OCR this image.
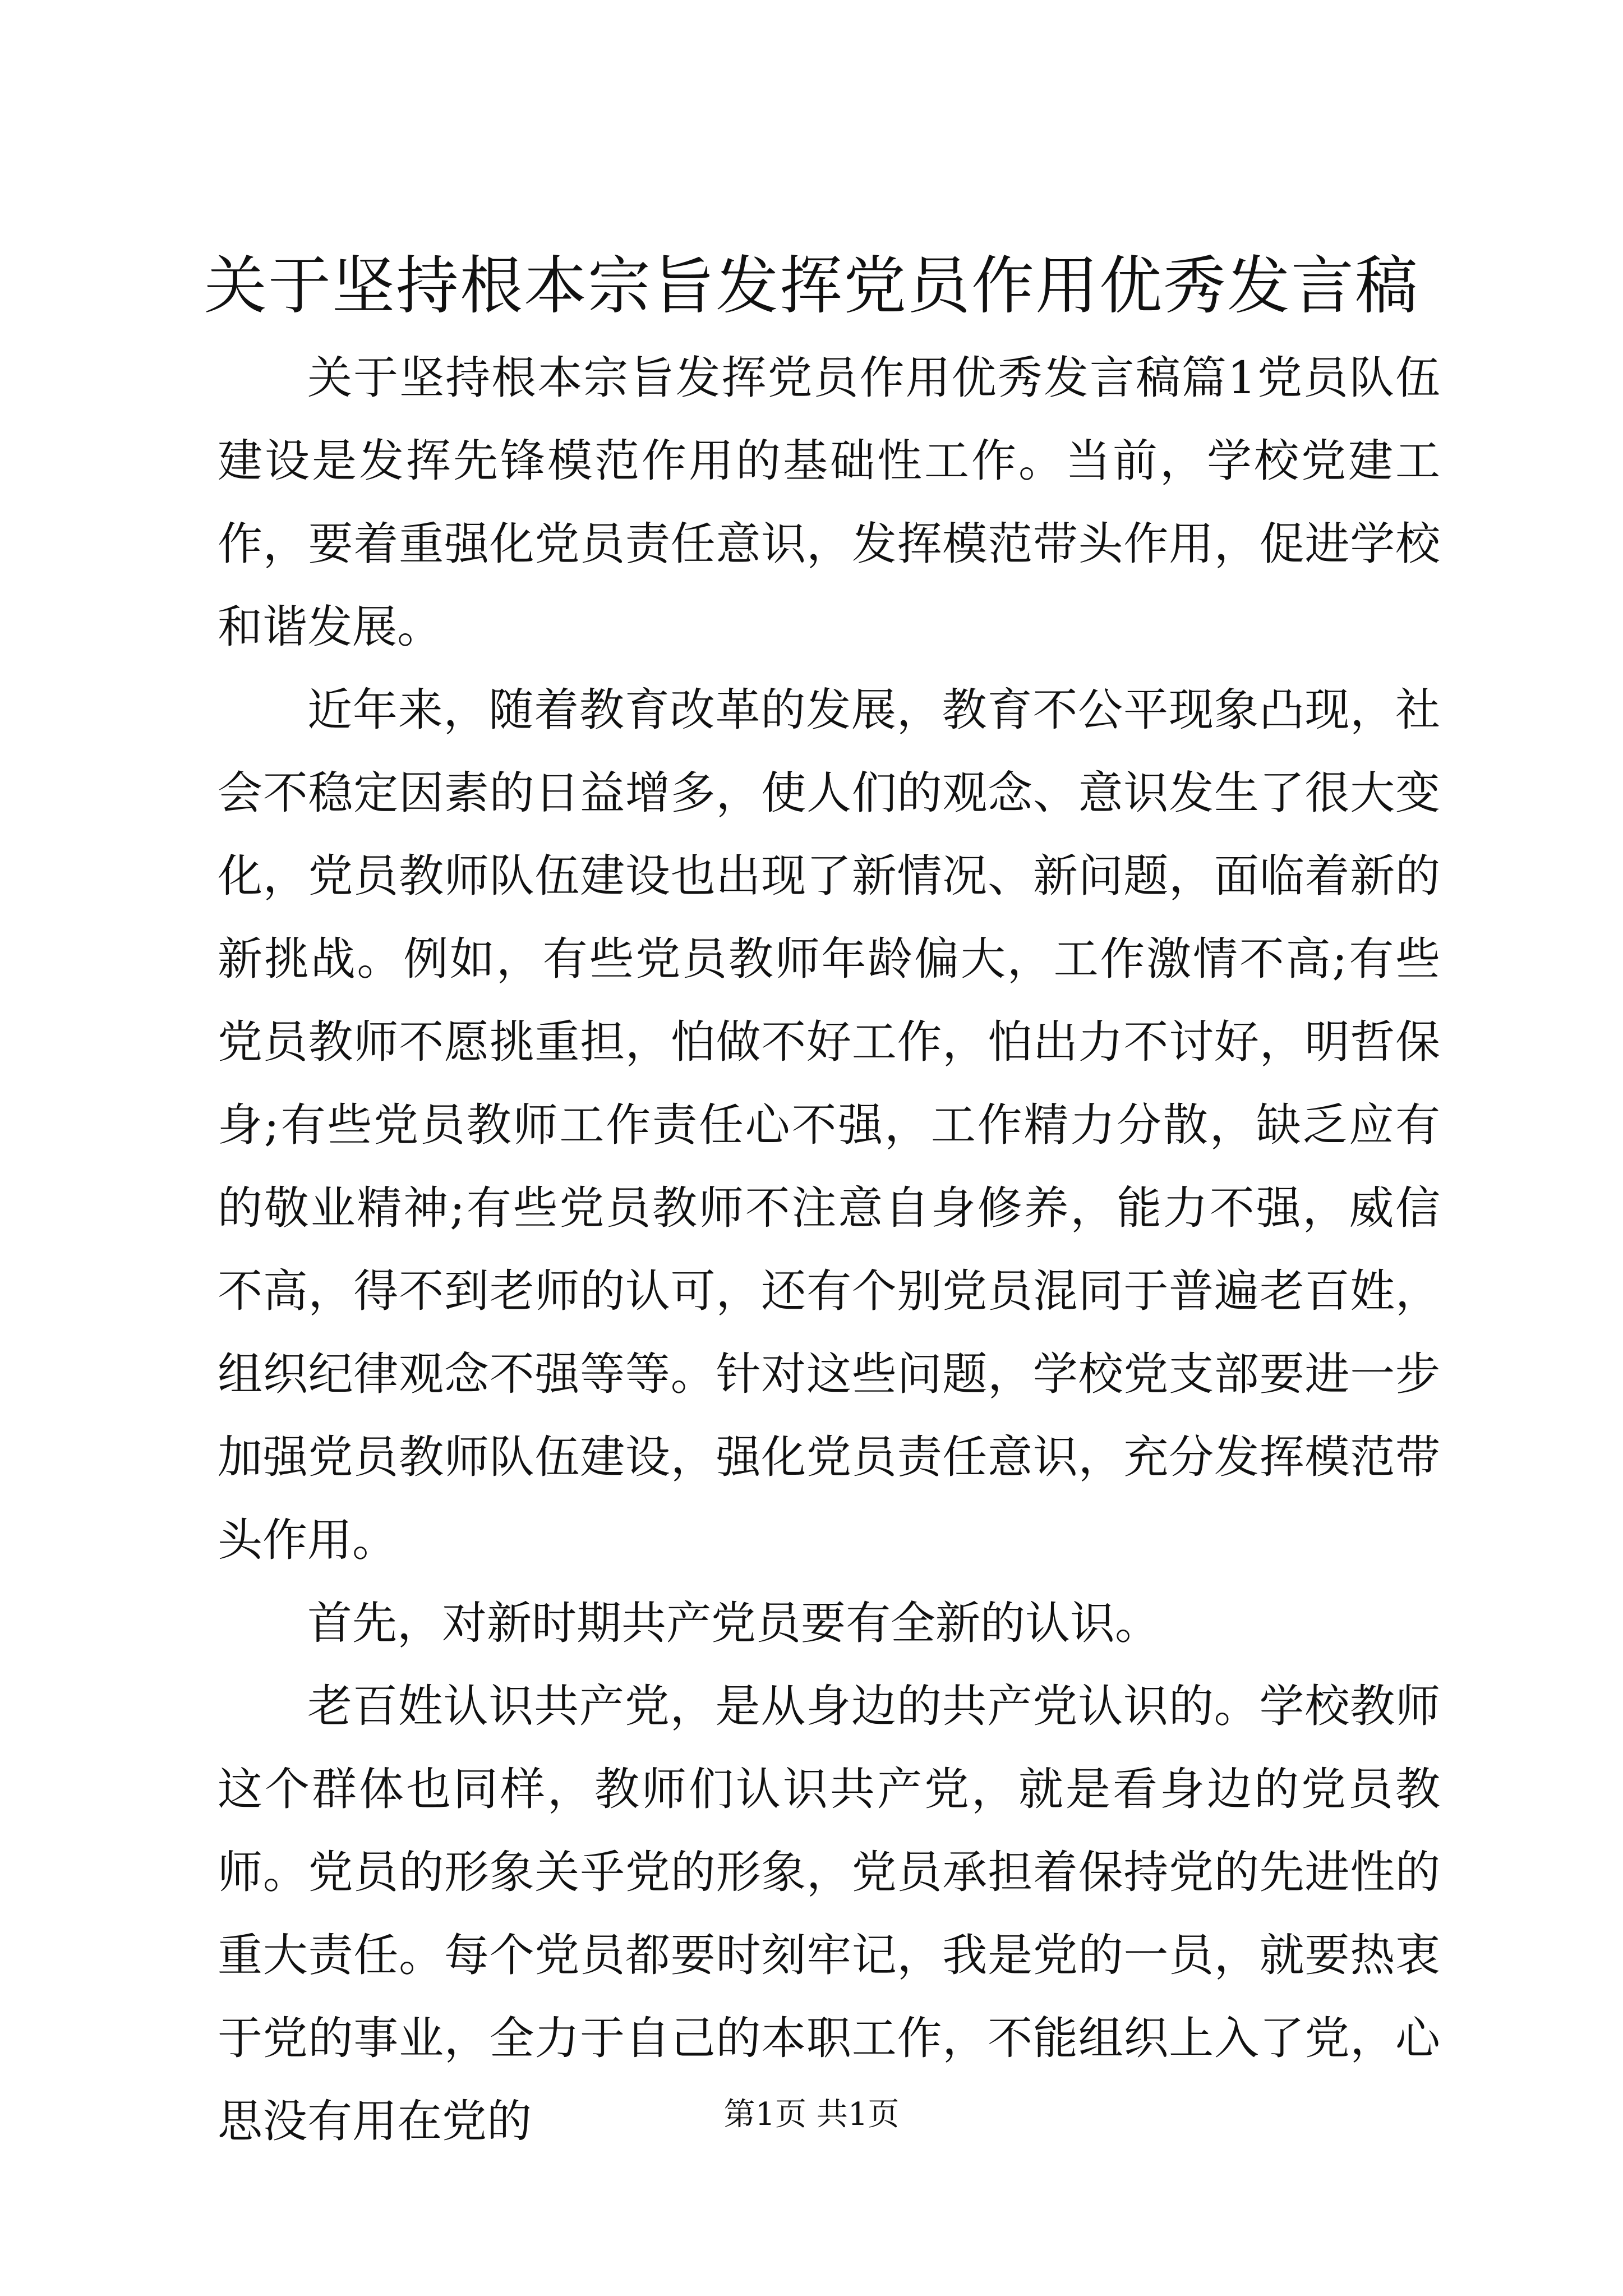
关于坚持根本宗旨发挥党员作用优秀发言稿

关于坚持根本宗旨发挥党员作用优秀发言稿篇1党员队伍建设是发挥先锋模范作用的基础性工作。当前，学校党建工作，要着重强化党员责任意识，发挥模范带头作用，促进学校和谐发展。

近年来，随着教育改革的发展，教育不公平现象凸现，社会不稳定因素的日益增多，使人们的观念、意识发生了很大变化，党员教师队伍建设也出现了新情况、新问题，面临着新的新挑战。例如，有些党员教师年龄偏大，工作激情不高;有些党员教师不愿挑重担，怕做不好工作，怕出力不讨好，明哲保身;有些党员教师工作责任心不强，工作精力分散，缺乏应有的敬业精神;有些党员教师不注意自身修养，能力不强，威信不高，得不到老师的认可，还有个别党员混同于普遍老百姓，组织纪律观念不强等等。针对这些问题，学校党支部要进一步加强党员教师队伍建设，强化党员责任意识，充分发挥模范带头作用。

首先，对新时期共产党员要有全新的认识。

老百姓认识共产党，是从身边的共产党认识的。学校教师这个群体也同样，教师们认识共产党，就是看身边的党员教师。党员的形象关乎党的形象，党员承担着保持党的先进性的重大责任。每个党员都要时刻牢记，我是党的一员，就要热衷于党的事业，全力于自己的本职工作，不能组织上入了党，心思没有用在党的	第1页 共1页
